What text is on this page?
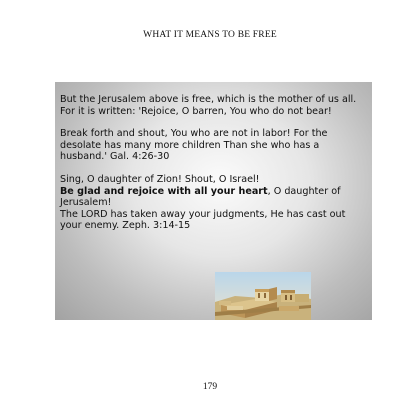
WHAT IT MEANS TO BE FREE

But the Jerusalem above is free, which is the mother of us all. For it is written: 'Rejoice, O barren, You who do not bear!

Break forth and shout, You who are not in labor! For the desolate has many more children Than she who has a husband.' Gal. 4:26-30

Sing, O daughter of Zion! Shout, O Israel!

Be glad and rejoice with all your heart, O daughter of Jerusalem!

The LORD has taken away your judgments, He has cast out your enemy. Zeph. 3:14-15

179
